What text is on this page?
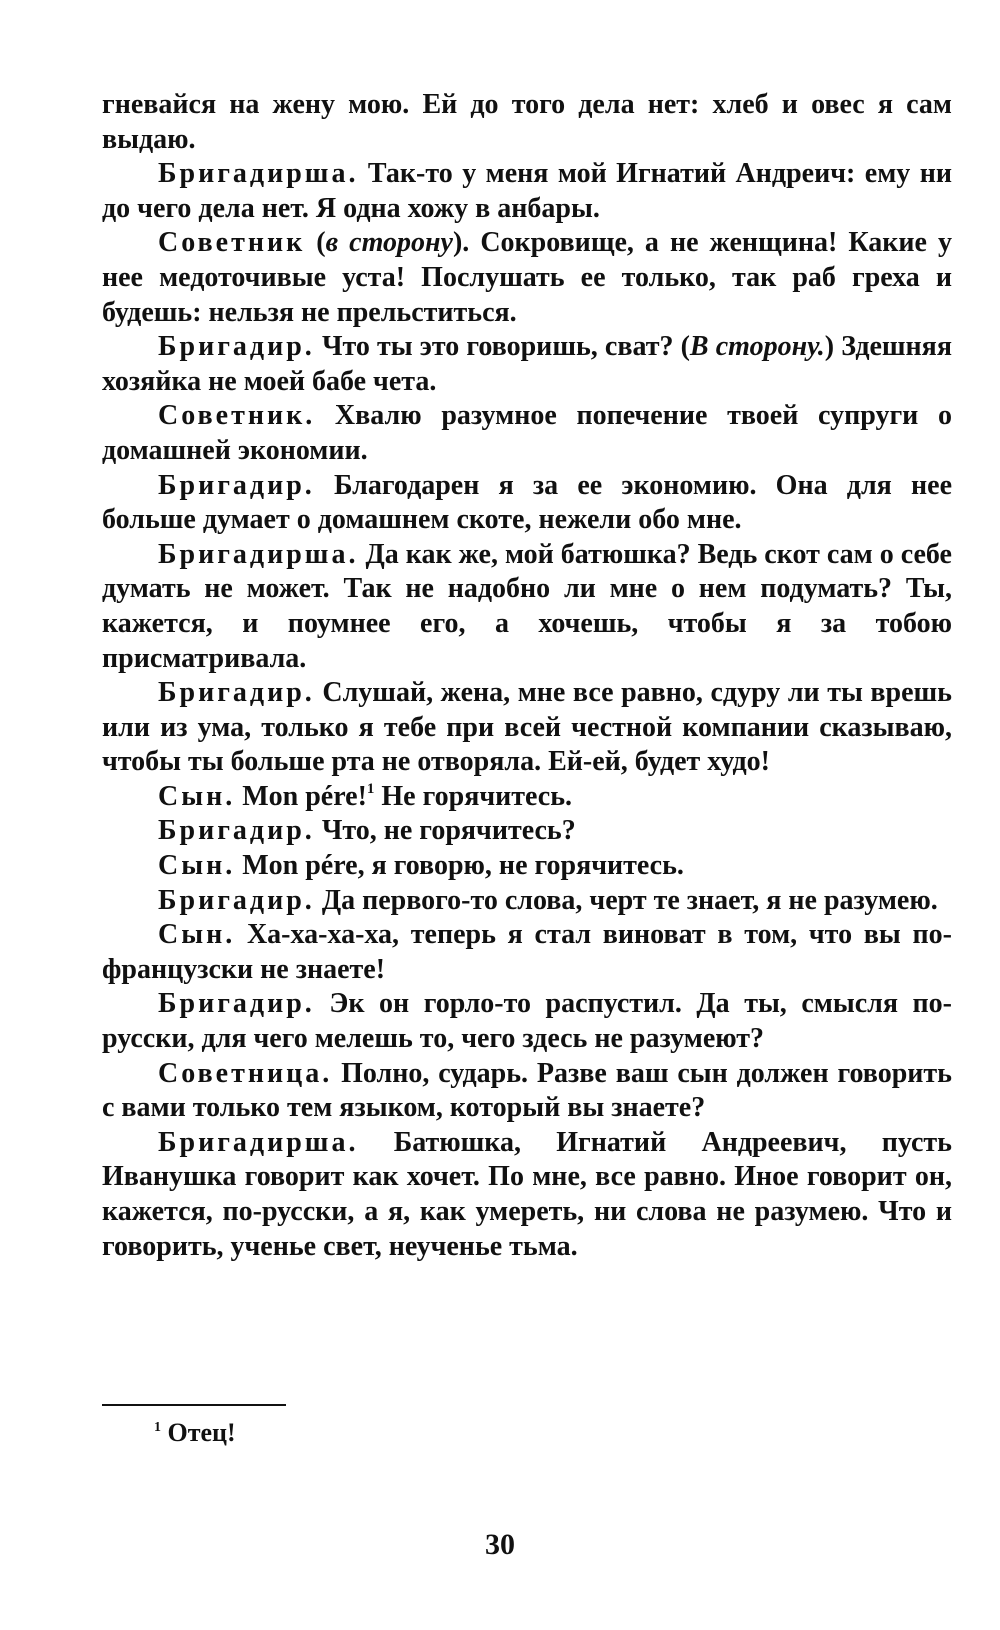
гневайся на жену мою. Ей до того дела нет: хлеб и овес я сам выдаю.

Бригадирша. Так-то у меня мой Игнатий Андреич: ему ни до чего дела нет. Я одна хожу в анбары.

Советник (в сторону). Сокровище, а не женщина! Какие у нее медоточивые уста! Послушать ее только, так раб греха и будешь: нельзя не прельститься.

Бригадир. Что ты это говоришь, сват? (В сторону.) Здешняя хозяйка не моей бабе чета.

Советник. Хвалю разумное попечение твоей супруги о домашней экономии.

Бригадир. Благодарен я за ее экономию. Она для нее больше думает о домашнем скоте, нежели обо мне.

Бригадирша. Да как же, мой батюшка? Ведь скот сам о себе думать не может. Так не надобно ли мне о нем подумать? Ты, кажется, и поумнее его, а хочешь, чтобы я за тобою присматривала.

Бригадир. Слушай, жена, мне все равно, сдуру ли ты врешь или из ума, только я тебе при всей честной компании сказываю, чтобы ты больше рта не отворяла. Ей-ей, будет худо!

Сын. Mon pére!$^1$ Не горячитесь.

Бригадир. Что, не горячитесь?

Сын. Mon pére, я говорю, не горячитесь.

Бригадир. Да первого-то слова, черт те знает, я не разумею.

Сын. Ха-ха-ха-ха, теперь я стал виноват в том, что вы по-французски не знаете!

Бригадир. Эк он горло-то распустил. Да ты, смысля по-русски, для чего мелешь то, чего здесь не разумеют?

Советница. Полно, сударь. Разве ваш сын должен говорить с вами только тем языком, который вы знаете?

Бригадирша. Батюшка, Игнатий Андреевич, пусть Иванушка говорит как хочет. По мне, все равно. Иное говорит он, кажется, по-русски, а я, как умереть, ни слова не разумею. Что и говорить, ученье свет, неученье тьма.

$^1$ Отец!
30
